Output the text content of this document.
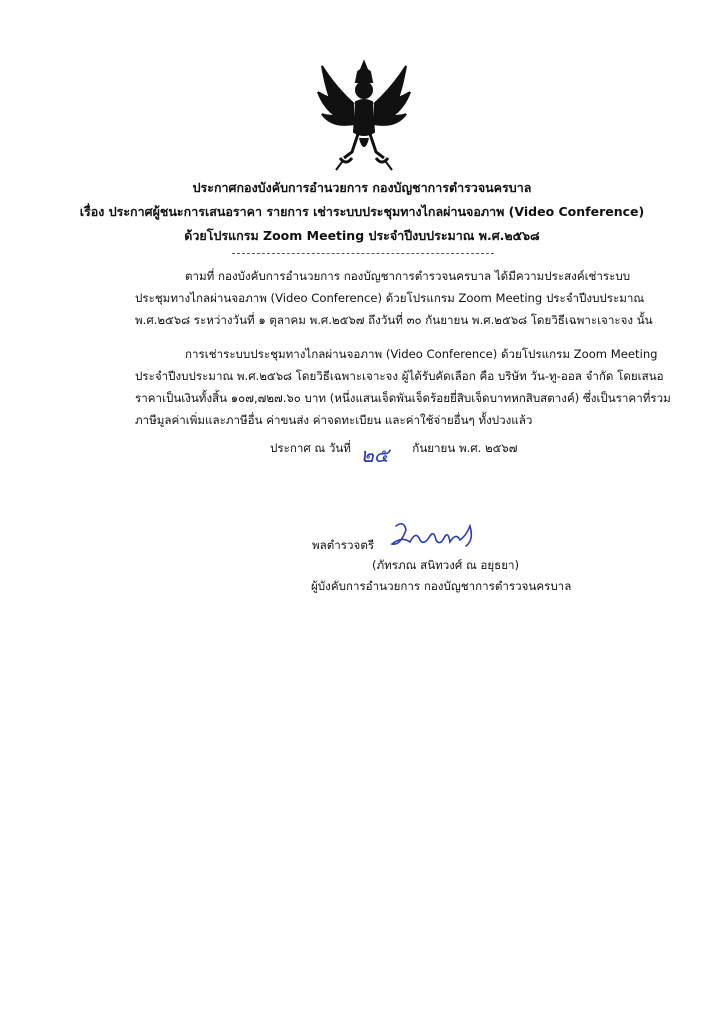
ประกาศกองบังคับการอำนวยการ กองบัญชาการตำรวจนครบาล
เรื่อง ประกาศผู้ชนะการเสนอราคา รายการ เช่าระบบประชุมทางไกลผ่านจอภาพ (Video Conference)
ด้วยโปรแกรม Zoom Meeting ประจำปีงบประมาณ พ.ศ.๒๕๖๘
ตามที่ กองบังคับการอำนวยการ กองบัญชาการตำรวจนครบาล ได้มีความประสงค์เช่าระบบ
ประชุมทางไกลผ่านจอภาพ (Video Conference) ด้วยโปรแกรม Zoom Meeting ประจำปีงบประมาณ
พ.ศ.๒๕๖๘ ระหว่างวันที่ ๑ ตุลาคม พ.ศ.๒๕๖๗ ถึงวันที่ ๓๐ กันยายน พ.ศ.๒๕๖๘ โดยวิธีเฉพาะเจาะจง นั้น
การเช่าระบบประชุมทางไกลผ่านจอภาพ (Video Conference) ด้วยโปรแกรม Zoom Meeting
ประจำปีงบประมาณ พ.ศ.๒๕๖๘ โดยวิธีเฉพาะเจาะจง ผู้ได้รับคัดเลือก คือ บริษัท วัน-ทู-ออล จำกัด โดยเสนอ
ราคาเป็นเงินทั้งสิ้น ๑๐๗,๗๒๗.๖๐ บาท (หนึ่งแสนเจ็ดพันเจ็ดร้อยยี่สิบเจ็ดบาทหกสิบสตางค์) ซึ่งเป็นราคาที่รวม
ภาษีมูลค่าเพิ่มและภาษีอื่น ค่าขนส่ง ค่าจดทะเบียน และค่าใช้จ่ายอื่นๆ ทั้งปวงแล้ว
ประกาศ ณ วันที่ ๒๕ กันยายน พ.ศ. ๒๕๖๗
พลตำรวจตรี
(ภัทรภณ สนิทวงศ์ ณ อยุธยา)
ผู้บังคับการอำนวยการ กองบัญชาการตำรวจนครบาล
